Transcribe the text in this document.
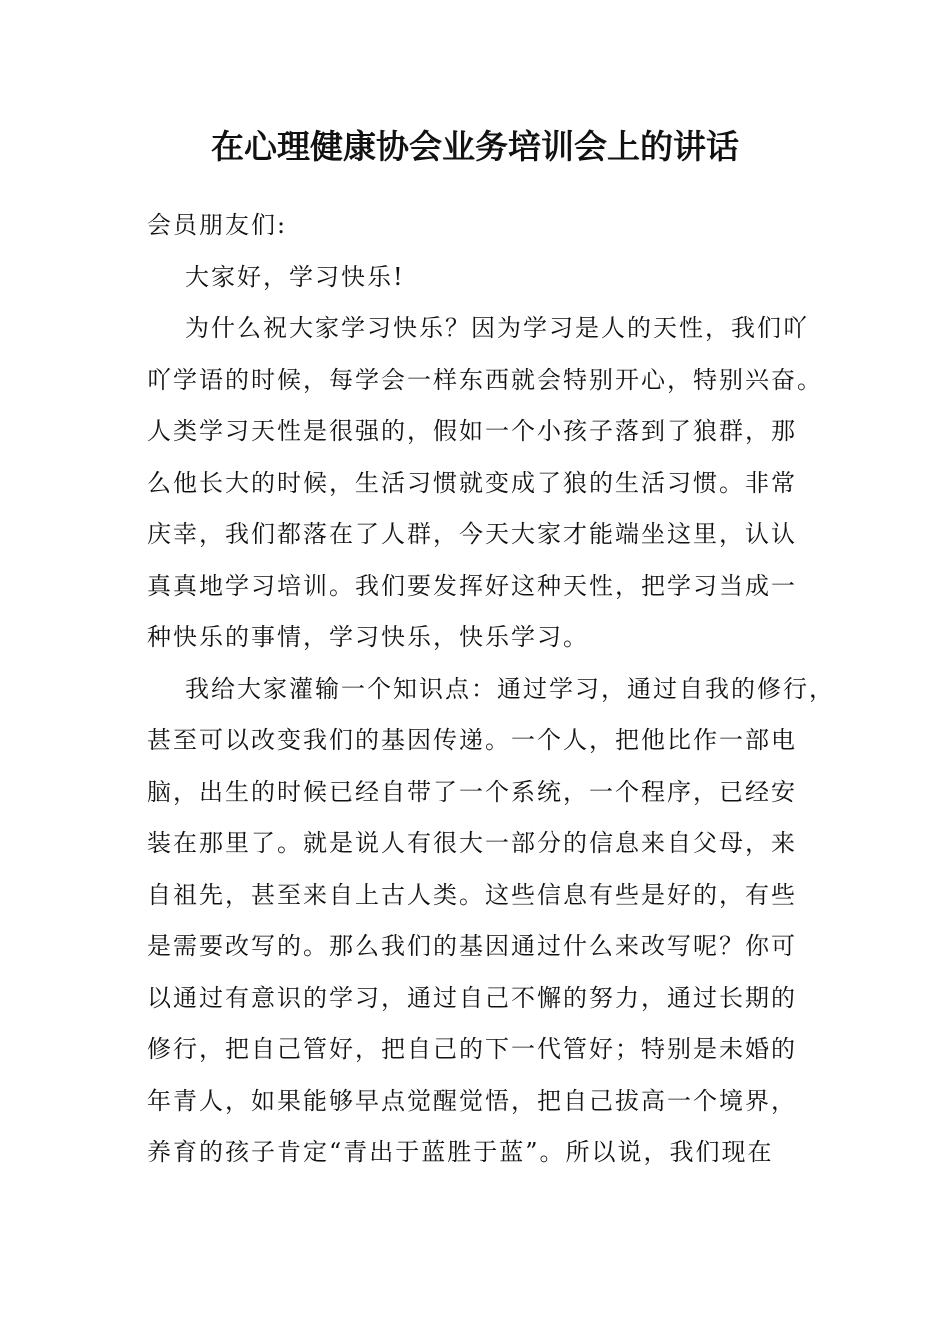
在心理健康协会业务培训会上的讲话
会员朋友们:
大家好，学习快乐!
为什么祝大家学习快乐？因为学习是人的天性，我们吖
吖学语的时候，每学会一样东西就会特别开心，特别兴奋。
人类学习天性是很强的，假如一个小孩子落到了狼群，那
么他长大的时候，生活习惯就变成了狼的生活习惯。非常
庆幸，我们都落在了人群，今天大家才能端坐这里，认认
真真地学习培训。我们要发挥好这种天性，把学习当成一
种快乐的事情，学习快乐，快乐学习。
我给大家灌输一个知识点：通过学习，通过自我的修行，
甚至可以改变我们的基因传递。一个人，把他比作一部电
脑，出生的时候已经自带了一个系统，一个程序，已经安
装在那里了。就是说人有很大一部分的信息来自父母，来
自祖先，甚至来自上古人类。这些信息有些是好的，有些
是需要改写的。那么我们的基因通过什么来改写呢？你可
以通过有意识的学习，通过自己不懈的努力，通过长期的
修行，把自己管好，把自己的下一代管好；特别是未婚的
年青人，如果能够早点觉醒觉悟，把自己拔高一个境界，
养育的孩子肯定“青出于蓝胜于蓝”。所以说，我们现在
